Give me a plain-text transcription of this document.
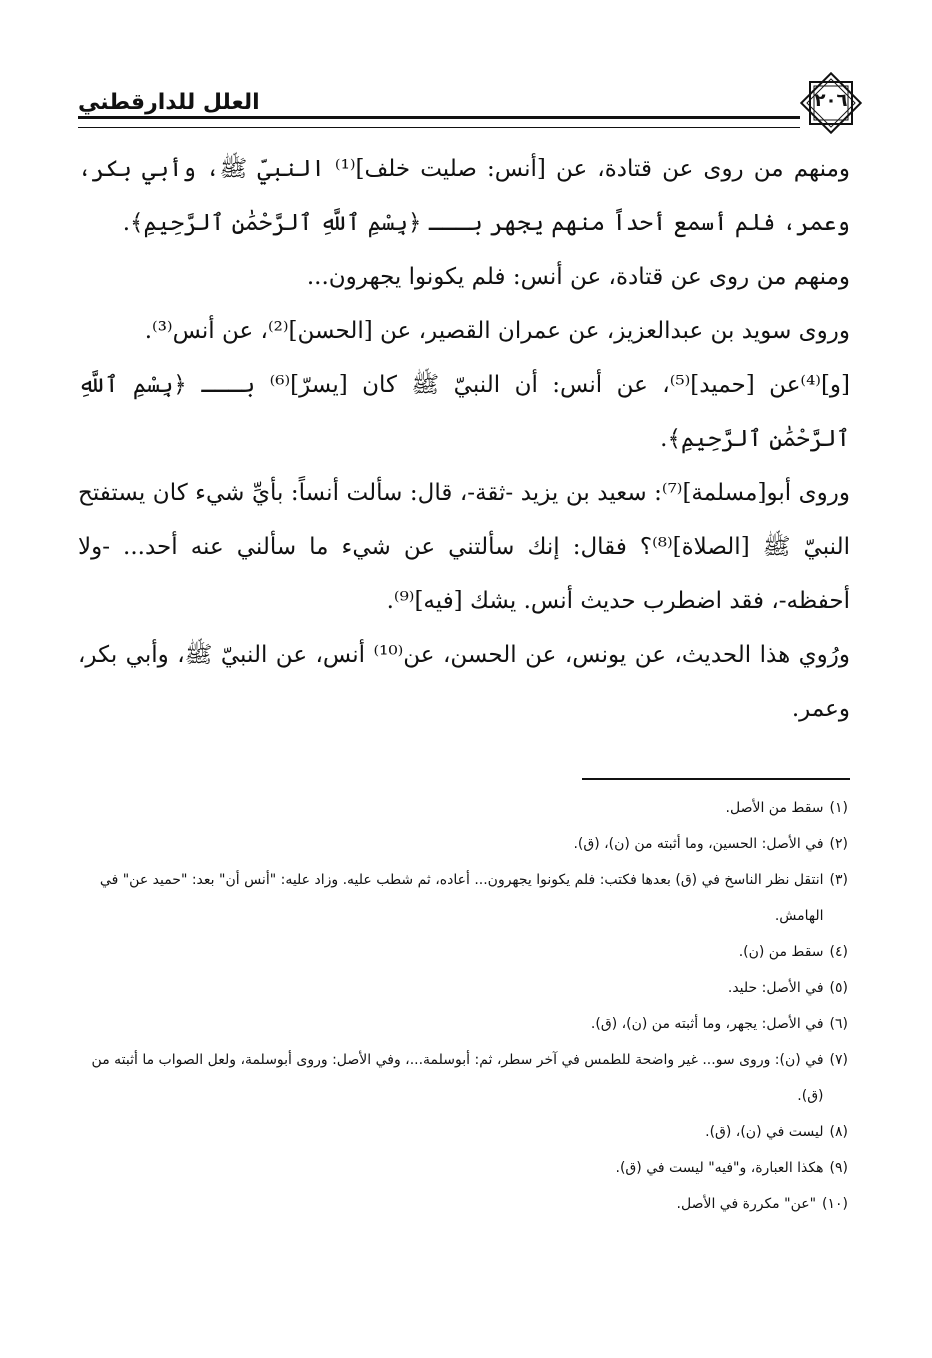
العلل للدارقطني	٢٠٦

ومنهم من روى عن قتادة، عن [أنس: صليت خلف]⁽¹⁾ النبيّ ﷺ، وأبي بكر، وعمر، فلم أسمع أحداً منهم يجهر بـــ ﴿بِسْمِ ٱللَّهِ ٱلرَّحْمَٰنِ ٱلرَّحِيمِ﴾.

ومنهم من روى عن قتادة، عن أنس: فلم يكونوا يجهرون...

وروى سويد بن عبدالعزيز، عن عمران القصير، عن [الحسن]⁽²⁾، عن أنس⁽³⁾.

[و]⁽⁴⁾عن [حميد]⁽⁵⁾، عن أنس: أن النبيّ ﷺ كان [يسرّ]⁽⁶⁾ بـــ ﴿بِسْمِ ٱللَّهِ ٱلرَّحْمَٰنِ ٱلرَّحِيمِ﴾.

وروى أبو[مسلمة]⁽⁷⁾: سعيد بن يزيد -ثقة-، قال: سألت أنساً: بأيِّ شيء كان يستفتح النبيّ ﷺ [الصلاة]⁽⁸⁾؟ فقال: إنك سألتني عن شيء ما سألني عنه أحد... -ولا أحفظه-، فقد اضطرب حديث أنس. يشك [فيه]⁽⁹⁾.

ورُوي هذا الحديث، عن يونس، عن الحسن، عن⁽¹⁰⁾ أنس، عن النبيّ ﷺ، وأبي بكر، وعمر.

(١)
سقط من الأصل.
(٢)
في الأصل: الحسين، وما أثبته من (ن)، (ق).
(٣)
انتقل نظر الناسخ في (ق) بعدها فكتب: فلم يكونوا يجهرون... أعاده، ثم شطب عليه. وزاد عليه: "أنس أن" بعد: "حميد عن" في الهامش.
(٤)
سقط من (ن).
(٥)
في الأصل: حليد.
(٦)
في الأصل: يجهر، وما أثبته من (ن)، (ق).
(٧)
في (ن): وروى سو... غير واضحة للطمس في آخر سطر، ثم: أبوسلمة...، وفي الأصل: وروى أبوسلمة، ولعل الصواب ما أثبته من (ق).
(٨)
ليست في (ن)، (ق).
(٩)
هكذا العبارة، و"فيه" ليست في (ق).
(١٠)
"عن" مكررة في الأصل.
